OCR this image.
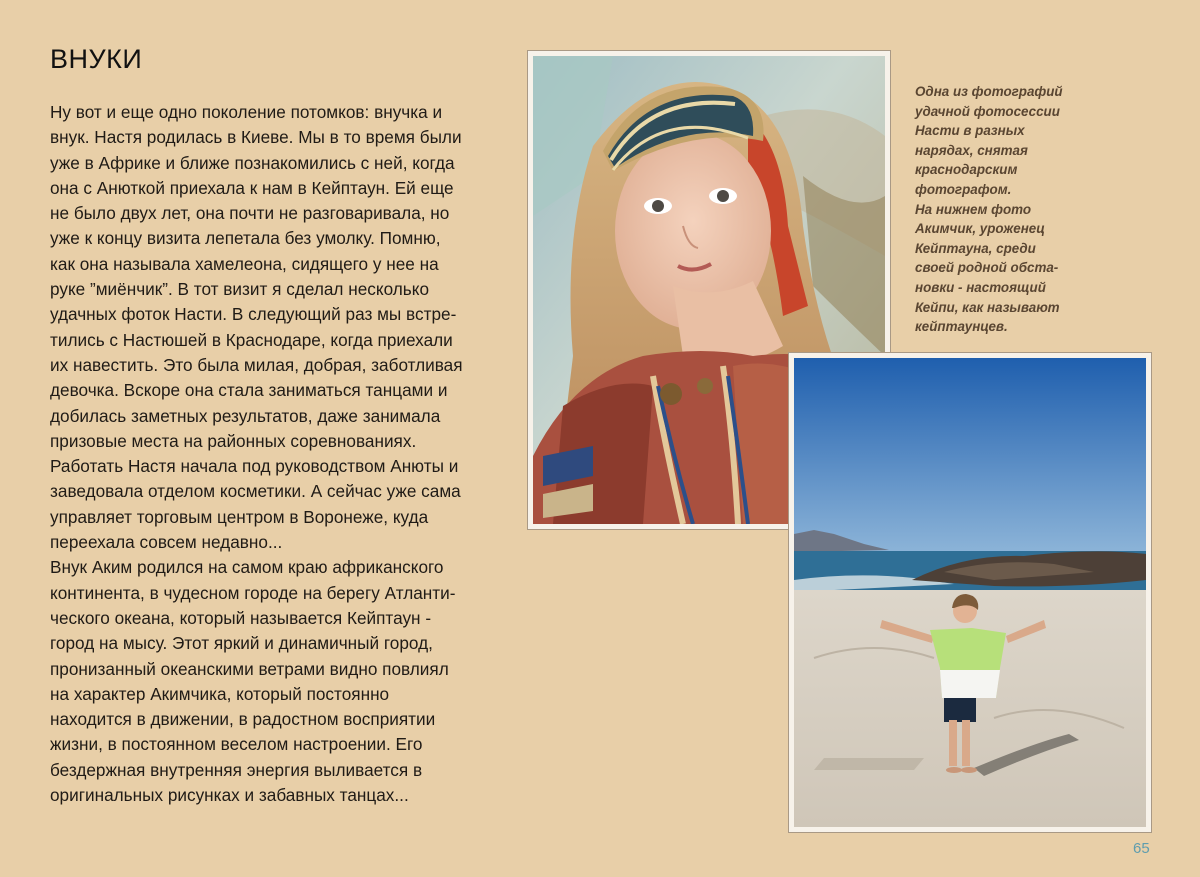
ВНУКИ

Ну вот и еще одно поколение потомков: внучка и
внук. Настя родилась в Киеве. Мы в то время были
уже в Африке и ближе познакомились с ней, когда
она с Анюткой приехала к нам в Кейптаун. Ей еще
не было двух лет, она почти не разговаривала, но
уже к концу визита лепетала без умолку. Помню,
как она называла хамелеона, сидящего у нее на
руке ”миёнчик”. В тот визит я сделал несколько
удачных фоток Насти. В следующий раз мы встре-
тились с Настюшей в Краснодаре, когда приехали
их навестить. Это была милая, добрая, заботливая
девочка. Вскоре она стала заниматься танцами и
добилась заметных результатов, даже занимала
призовые места на районных соревнованиях.
Работать Настя начала под руководством Анюты и
заведовала отделом косметики. А сейчас уже сама
управляет торговым центром в Воронеже, куда
переехала совсем недавно...

Внук Аким родился на самом краю африканского
континента, в чудесном городе на берегу Атланти-
ческого океана, который называется Кейптаун -
город на мысу. Этот яркий и динамичный город,
пронизанный океанскими ветрами видно повлиял
на характер Акимчика, который постоянно
находится в движении, в радостном восприятии
жизни, в постоянном веселом настроении. Его
бездержная внутренняя энергия выливается в
оригинальных рисунках и забавных танцах...

Одна из фотографий
удачной фотосессии
Насти в разных
нарядах, снятая
краснодарским
фотографом.
На нижнем фото
Акимчик, уроженец
Кейптауна, среди
своей родной обста-
новки - настоящий
Кейпи, как называют
кейптаунцев.

65
